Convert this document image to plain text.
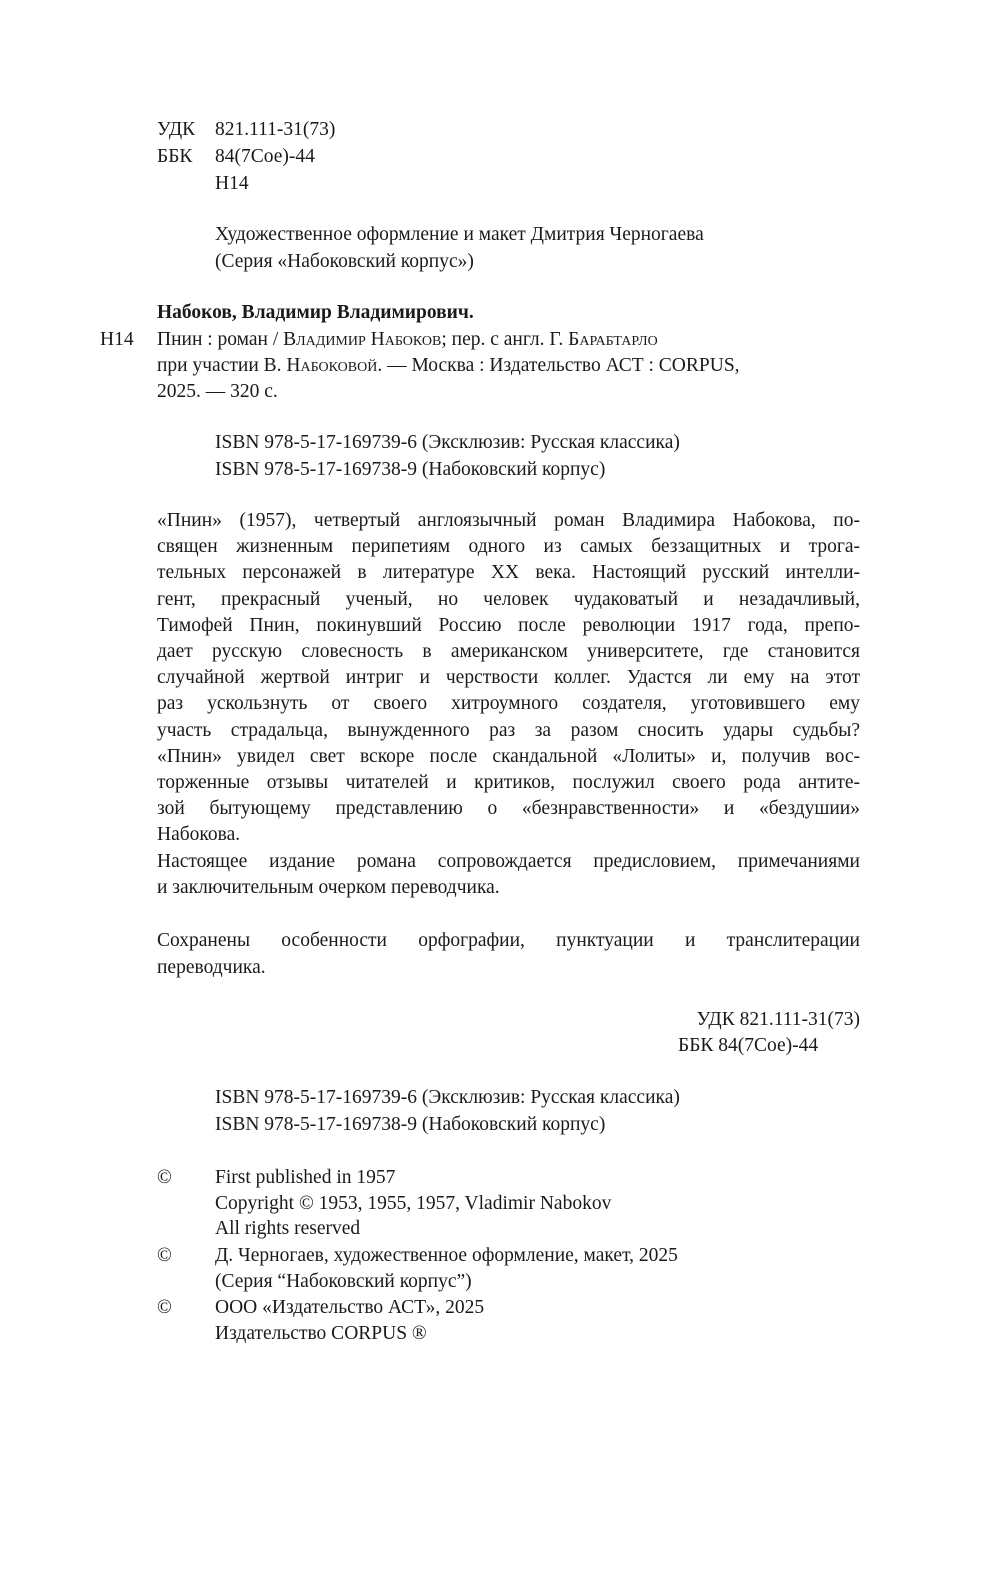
УДК 821.111-31(73)
ББК 84(7Сое)-44
Н14
Художественное оформление и макет Дмитрия Черногаева
(Серия «Набоковский корпус»)
Набоков, Владимир Владимирович.
Н14 Пнин : роман / Владимир Набоков; пер. с англ. Г. Барабтарло
при участии В. Набоковой. — Москва : Издательство АСТ : CORPUS,
2025. — 320 с.
ISBN 978-5-17-169739-6 (Эксклюзив: Русская классика)
ISBN 978-5-17-169738-9 (Набоковский корпус)
«Пнин» (1957), четвертый англоязычный роман Владимира Набокова, по-
священ жизненным перипетиям одного из самых беззащитных и трога-
тельных персонажей в литературе XX века. Настоящий русский интелли-
гент, прекрасный ученый, но человек чудаковатый и незадачливый,
Тимофей Пнин, покинувший Россию после революции 1917 года, препо-
дает русскую словесность в американском университете, где становится
случайной жертвой интриг и черствости коллег. Удастся ли ему на этот
раз ускользнуть от своего хитроумного создателя, уготовившего ему
участь страдальца, вынужденного раз за разом сносить удары судьбы?
«Пнин» увидел свет вскоре после скандальной «Лолиты» и, получив вос-
торженные отзывы читателей и критиков, послужил своего рода антите-
зой бытующему представлению о «безнравственности» и «бездушии»
Набокова.
Настоящее издание романа сопровождается предисловием, примечаниями
и заключительным очерком переводчика.
Сохранены особенности орфографии, пунктуации и транслитерации
переводчика.
УДК 821.111-31(73)
ББК 84(7Сое)-44
ISBN 978-5-17-169739-6 (Эксклюзив: Русская классика)
ISBN 978-5-17-169738-9 (Набоковский корпус)
© First published in 1957
Copyright © 1953, 1955, 1957, Vladimir Nabokov
All rights reserved
© Д. Черногаев, художественное оформление, макет, 2025
(Серия “Набоковский корпус”)
© ООО «Издательство АСТ», 2025
Издательство CORPUS ®
